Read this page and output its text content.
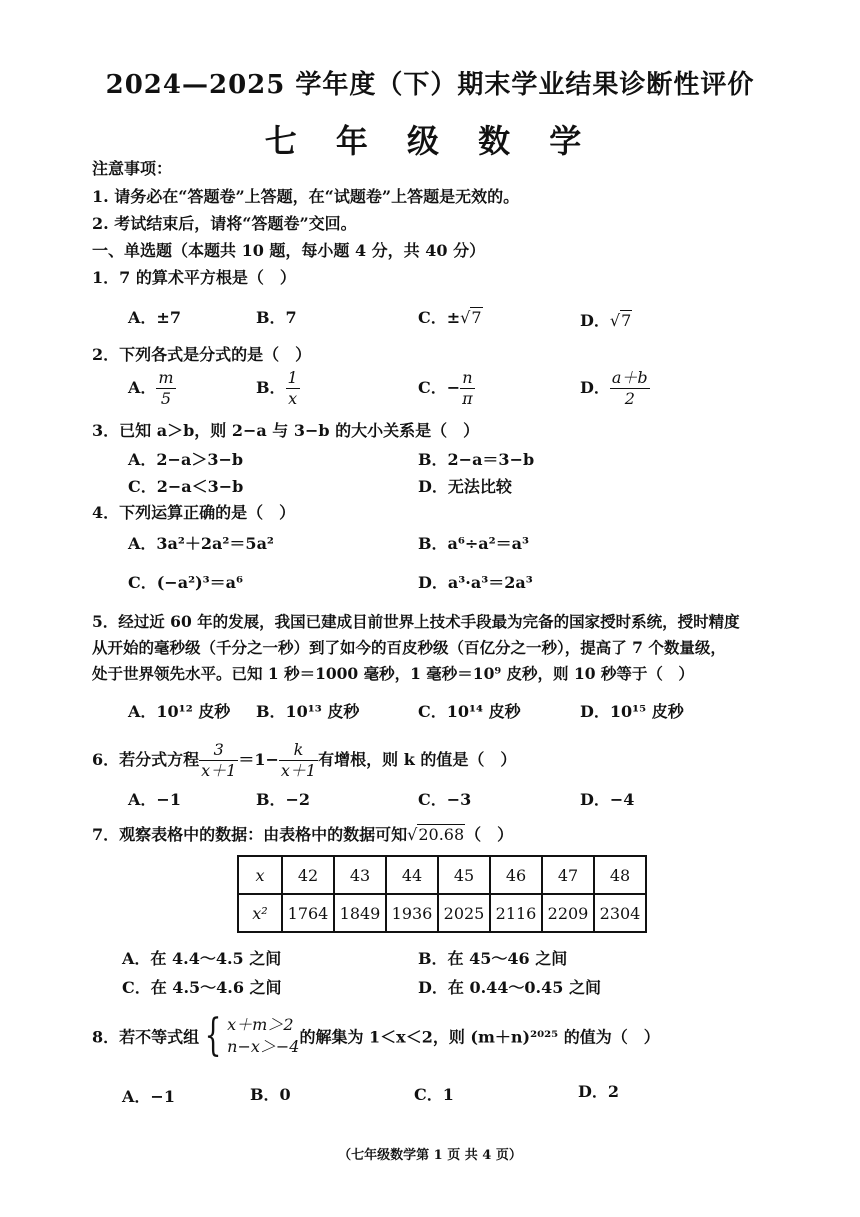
2024—2025 学年度（下）期末学业结果诊断性评价
七 年 级 数 学
注意事项：
1. 请务必在“答题卷”上答题，在“试题卷”上答题是无效的。
2. 考试结束后，请将“答题卷”交回。
一、单选题（本题共 10 题，每小题 4 分，共 40 分）
1．7 的算术平方根是（　）
A．±7	B．7	C．±√7	D．√7
2．下列各式是分式的是（　）
A． $\frac{m}{5}$	B． $\frac{1}{x}$	C．− $\frac{n}{\pi}$	D． $\frac{a+b}{2}$
3．已知 a＞b，则 2−a 与 3−b 的大小关系是（　）
A．2−a＞3−b	B．2−a＝3−b
C．2−a＜3−b	D．无法比较
4．下列运算正确的是（　）
A．3a²＋2a²＝5a²	B．a⁶÷a²＝a³
C．(−a²)³＝a⁶	D．a³·a³＝2a³
5．经过近 60 年的发展，我国已建成目前世界上技术手段最为完备的国家授时系统，授时精度
从开始的毫秒级（千分之一秒）到了如今的百皮秒级（百亿分之一秒），提高了 7 个数量级，
处于世界领先水平。已知 1 秒＝1000 毫秒，1 毫秒＝10⁹ 皮秒，则 10 秒等于（　）
A．10¹² 皮秒 B．10¹³ 皮秒	C．10¹⁴ 皮秒	D．10¹⁵ 皮秒
6．若分式方程 $\frac{3}{x+1} =1- \frac{k}{x+1}$ 有增根，则 k 的值是（　）
A．−1	B．−2	C．−3	D．−4
7．观察表格中的数据：由表格中的数据可知√20.68（　）
x	42	43	44	45	46	47	48
x²	1764	1849	1936	2025	2116	2209	2304
A．在 4.4～4.5 之间	B．在 45～46 之间
C．在 4.5～4.6 之间	D．在 0.44～0.45 之间
8．若不等式组 { x＋m＞2
n−x＞−4 的解集为 1＜x＜2，则 (m＋n)²⁰²⁵ 的值为（　）
A．−1	B．0	C．1	D．2
（七年级数学第 1 页 共 4 页）
